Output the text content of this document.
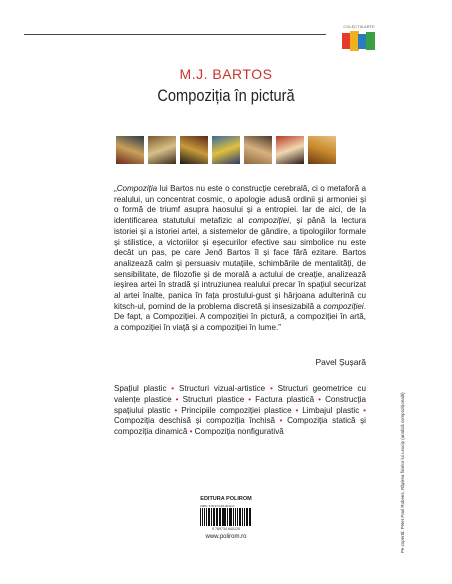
COLECȚIA ARTE
M.J. BARTOS
Compoziția în pictură
„Compoziția lui Bartos nu este o construcție cerebrală, ci o metaforă a realului, un concentrat cosmic, o apologie adusă ordinii și armoniei și o formă de triumf asupra haosului și a entropiei. Iar de aici, de la identificarea statutului metafizic al compoziției, și până la lectura istoriei și a istoriei artei, a sistemelor de gândire, a tipologiilor formale și stilistice, a victoriilor și eșecurilor efective sau simbolice nu este decât un pas, pe care Jenő Bartos îl și face fără ezitare. Bartos analizează calm și persuasiv mutațiile, schimbările de mentalități, de sensibilitate, de filozofie și de morală a actului de creație, analizează ieșirea artei în stradă și intruziunea realului precar în spațiul securizat al artei înalte, panica în fața prostului-gust și hârjoana adulterină cu kitsch-ul, pornind de la problema discretă și insesizabilă a compoziției. De fapt, a Compoziției. A compoziției în pictură, a compoziției în artă, a compoziției în viață și a compoziției în lume.”
Pavel Șușară
Spațiul plastic • Structuri vizual-artistice • Structuri geometrice cu valențe plastice • Structuri plastice • Factura plastică • Construcția spațiului plastic • Principiile compoziției plastice • Limbajul plastic • Compoziția deschisă și compoziția închisă • Compoziția statică și compoziția dinamică • Compoziția nonfigurativă
EDITURA POLIROM
ISBN: 978-973-46-0012-0
9 789734 600120
www.polirom.ro	Pe copertă: Peter Paul Rubens, Răpirea fiicelor lui Leucip (analiză compozițională)
